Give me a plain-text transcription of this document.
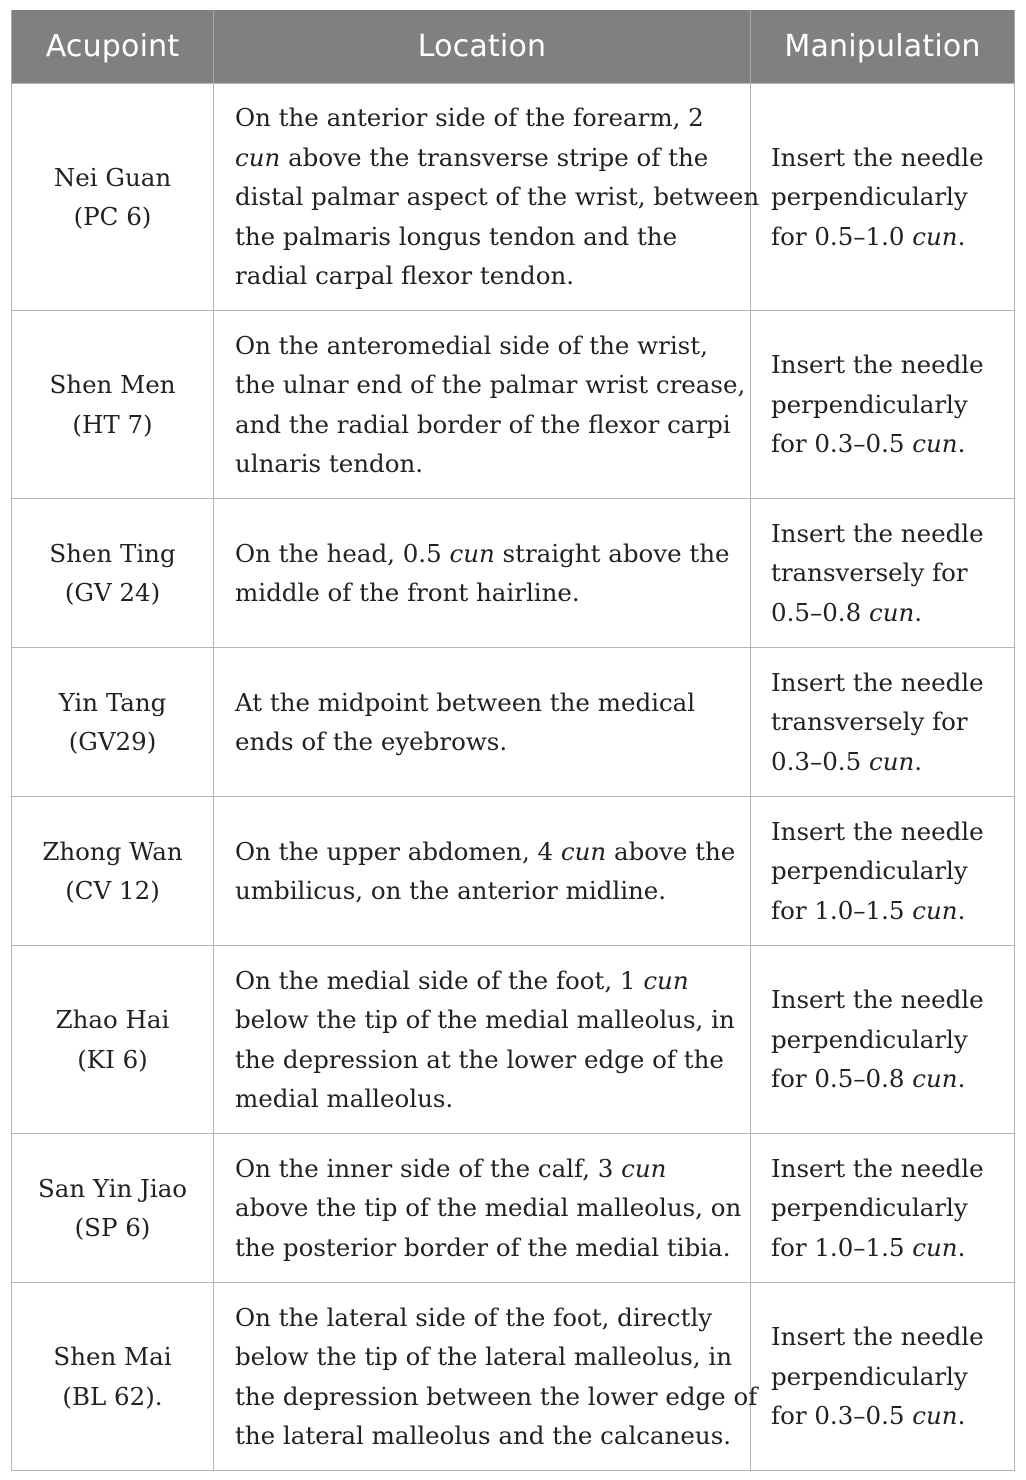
Acupoint	Location	Manipulation

Nei Guan
(PC 6)	On the anterior side of the forearm, 2
cun above the transverse stripe of the
distal palmar aspect of the wrist, between
the palmaris longus tendon and the
radial carpal flexor tendon.	Insert the needle
perpendicularly
for 0.5–1.0 cun.

Shen Men
(HT 7)	On the anteromedial side of the wrist,
the ulnar end of the palmar wrist crease,
and the radial border of the flexor carpi
ulnaris tendon.	Insert the needle
perpendicularly
for 0.3–0.5 cun.

Shen Ting
(GV 24)	On the head, 0.5 cun straight above the
middle of the front hairline.	Insert the needle
transversely for
0.5–0.8 cun.

Yin Tang
(GV29)	At the midpoint between the medical
ends of the eyebrows.	Insert the needle
transversely for
0.3–0.5 cun.

Zhong Wan
(CV 12)	On the upper abdomen, 4 cun above the
umbilicus, on the anterior midline.	Insert the needle
perpendicularly
for 1.0–1.5 cun.

Zhao Hai
(KI 6)	On the medial side of the foot, 1 cun
below the tip of the medial malleolus, in
the depression at the lower edge of the
medial malleolus.	Insert the needle
perpendicularly
for 0.5–0.8 cun.

San Yin Jiao
(SP 6)	On the inner side of the calf, 3 cun
above the tip of the medial malleolus, on
the posterior border of the medial tibia.	Insert the needle
perpendicularly
for 1.0–1.5 cun.

Shen Mai
(BL 62).	On the lateral side of the foot, directly
below the tip of the lateral malleolus, in
the depression between the lower edge of
the lateral malleolus and the calcaneus.	Insert the needle
perpendicularly
for 0.3–0.5 cun.
